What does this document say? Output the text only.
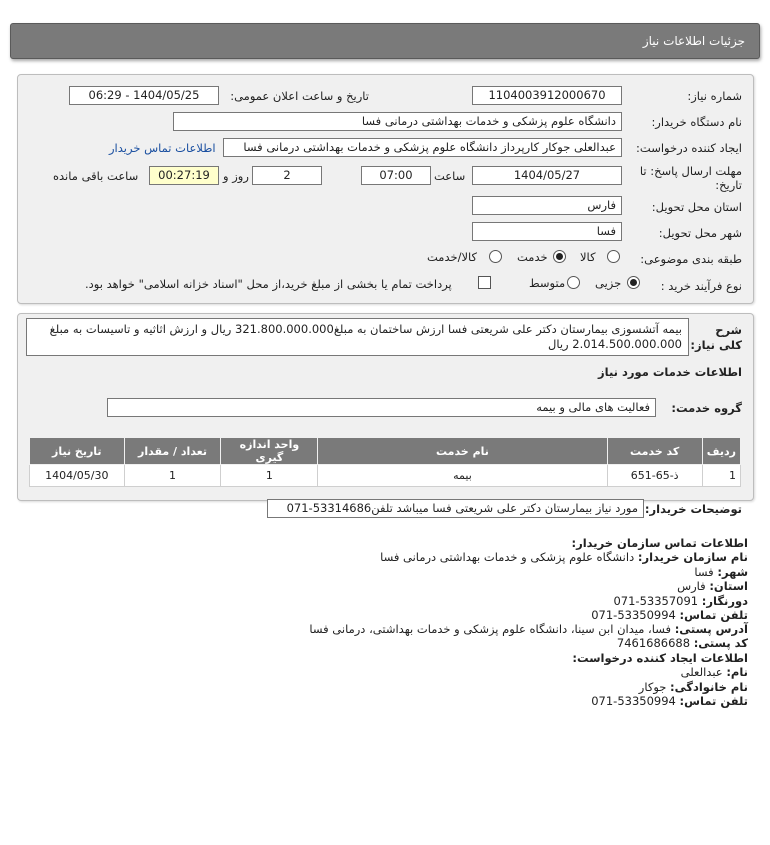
جزئیات اطلاعات نیاز
شماره نیاز:
1104003912000670
تاریخ و ساعت اعلان عمومی:
1404/05/25 - 06:29
نام دستگاه خریدار:
دانشگاه علوم پزشکی و خدمات بهداشتی درمانی فسا
ایجاد کننده درخواست:
عبدالعلی جوکار کارپرداز دانشگاه علوم پزشکی و خدمات بهداشتی درمانی فسا
اطلاعات تماس خریدار
مهلت ارسال پاسخ: تا
تاریخ:
1404/05/27
ساعت
07:00
2
روز و
00:27:19
ساعت باقی مانده
استان محل تحویل:
فارس
شهر محل تحویل:
فسا
طبقه بندی موضوعی:
کالا
خدمت
کالا/خدمت
نوع فرآیند خرید :
جزیی
متوسط
پرداخت تمام یا بخشی از مبلغ خرید،از محل "اسناد خزانه اسلامی" خواهد بود.
شرح کلی نیاز:
بیمه آتشسوزی بیمارستان دکتر علی شریعتی فسا ارزش ساختمان به مبلغ321.800.000.000 ریال و ارزش اثاثیه و تاسیسات به مبلغ 2.014.500.000.000 ریال
اطلاعات خدمات مورد نیاز
گروه خدمت:
فعالیت های مالی و بیمه
ردیف	کد خدمت	نام خدمت	واحد اندازه گیری	تعداد / مقدار	تاریخ نیاز
1	ذ-65-651	بیمه	1	1	1404/05/30
توضیحات خریدار:
مورد نیاز بیمارستان دکتر علی شریعتی فسا میباشد تلفن53314686-071
اطلاعات تماس سازمان خریدار:
نام سازمان خریدار: دانشگاه علوم پزشکی و خدمات بهداشتی درمانی فسا
شهر: فسا
استان: فارس
دورنگار: 53357091-071
تلفن تماس: 53350994-071
آدرس پستی: فسا، میدان ابن سینا، دانشگاه علوم پزشکی و خدمات بهداشتی، درمانی فسا
کد پستی: 7461686688
اطلاعات ایجاد کننده درخواست:
نام: عبدالعلی
نام خانوادگی: جوکار
تلفن تماس: 53350994-071
